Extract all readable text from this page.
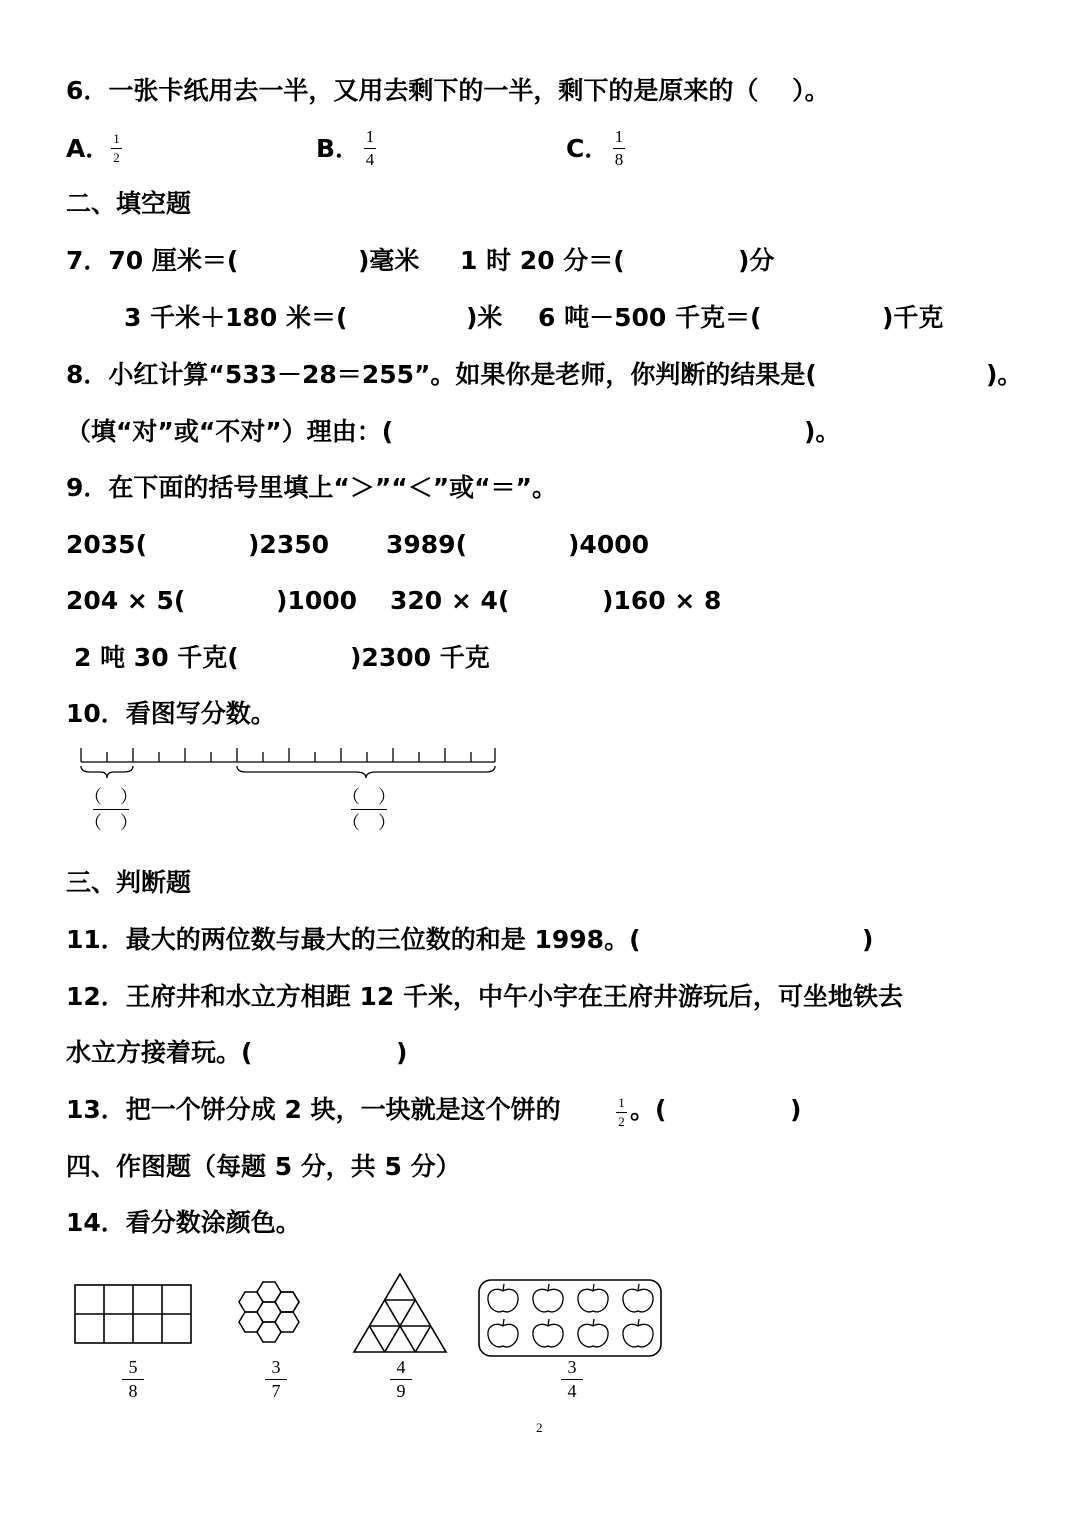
6．一张卡纸用去一半，又用去剩下的一半，剩下的是原来的（　 ）。
A． 1
2	B． 1
4	C． 1
8
二、填空题
7．70 厘米＝(	)毫米 1 时 20 分＝(	)分
3 千米＋180 米＝(	)米 6 吨－500 千克＝(	)千克
8．小红计算“533－28＝255”。如果你是老师，你判断的结果是(	)。
（填“对”或“不对”）理由：(	)。
9．在下面的括号里填上“＞”“＜”或“＝”。
2035(	)2350 3989(	)4000
204 × 5(	)1000 320 × 4(	)160 × 8
2 吨 30 千克(	)2300 千克
10．看图写分数。
（　）
（　）
（　）
（　）
三、判断题
11．最大的两位数与最大的三位数的和是 1998。(	)
12．王府井和水立方相距 12 千米，中午小宇在王府井游玩后，可坐地铁去
水立方接着玩。(	)
13．把一个饼分成 2 块，一块就是这个饼的	1
2 。(	)
四、作图题（每题 5 分，共 5 分）
14．看分数涂颜色。
5
8
3
7
4
9
3
4
2
